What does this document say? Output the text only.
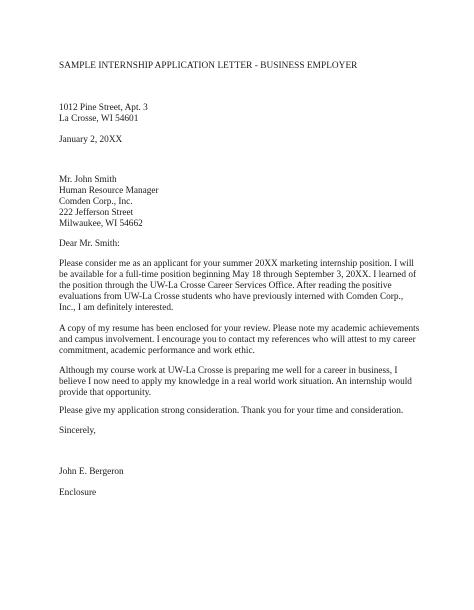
SAMPLE INTERNSHIP APPLICATION LETTER - BUSINESS EMPLOYER
1012 Pine Street, Apt. 3
La Crosse, WI 54601
January 2, 20XX
Mr. John Smith
Human Resource Manager
Comden Corp., Inc.
222 Jefferson Street
Milwaukee, WI 54662
Dear Mr. Smith:
Please consider me as an applicant for your summer 20XX marketing internship position. I will
be available for a full-time position beginning May 18 through September 3, 20XX. I learned of
the position through the UW-La Crosse Career Services Office. After reading the positive
evaluations from UW-La Crosse students who have previously interned with Comden Corp.,
Inc., I am definitely interested.
A copy of my resume has been enclosed for your review. Please note my academic achievements
and campus involvement. I encourage you to contact my references who will attest to my career
commitment, academic performance and work ethic.
Although my course work at UW-La Crosse is preparing me well for a career in business, I
believe I now need to apply my knowledge in a real world work situation. An internship would
provide that opportunity.
Please give my application strong consideration. Thank you for your time and consideration.
Sincerely,
John E. Bergeron
Enclosure
